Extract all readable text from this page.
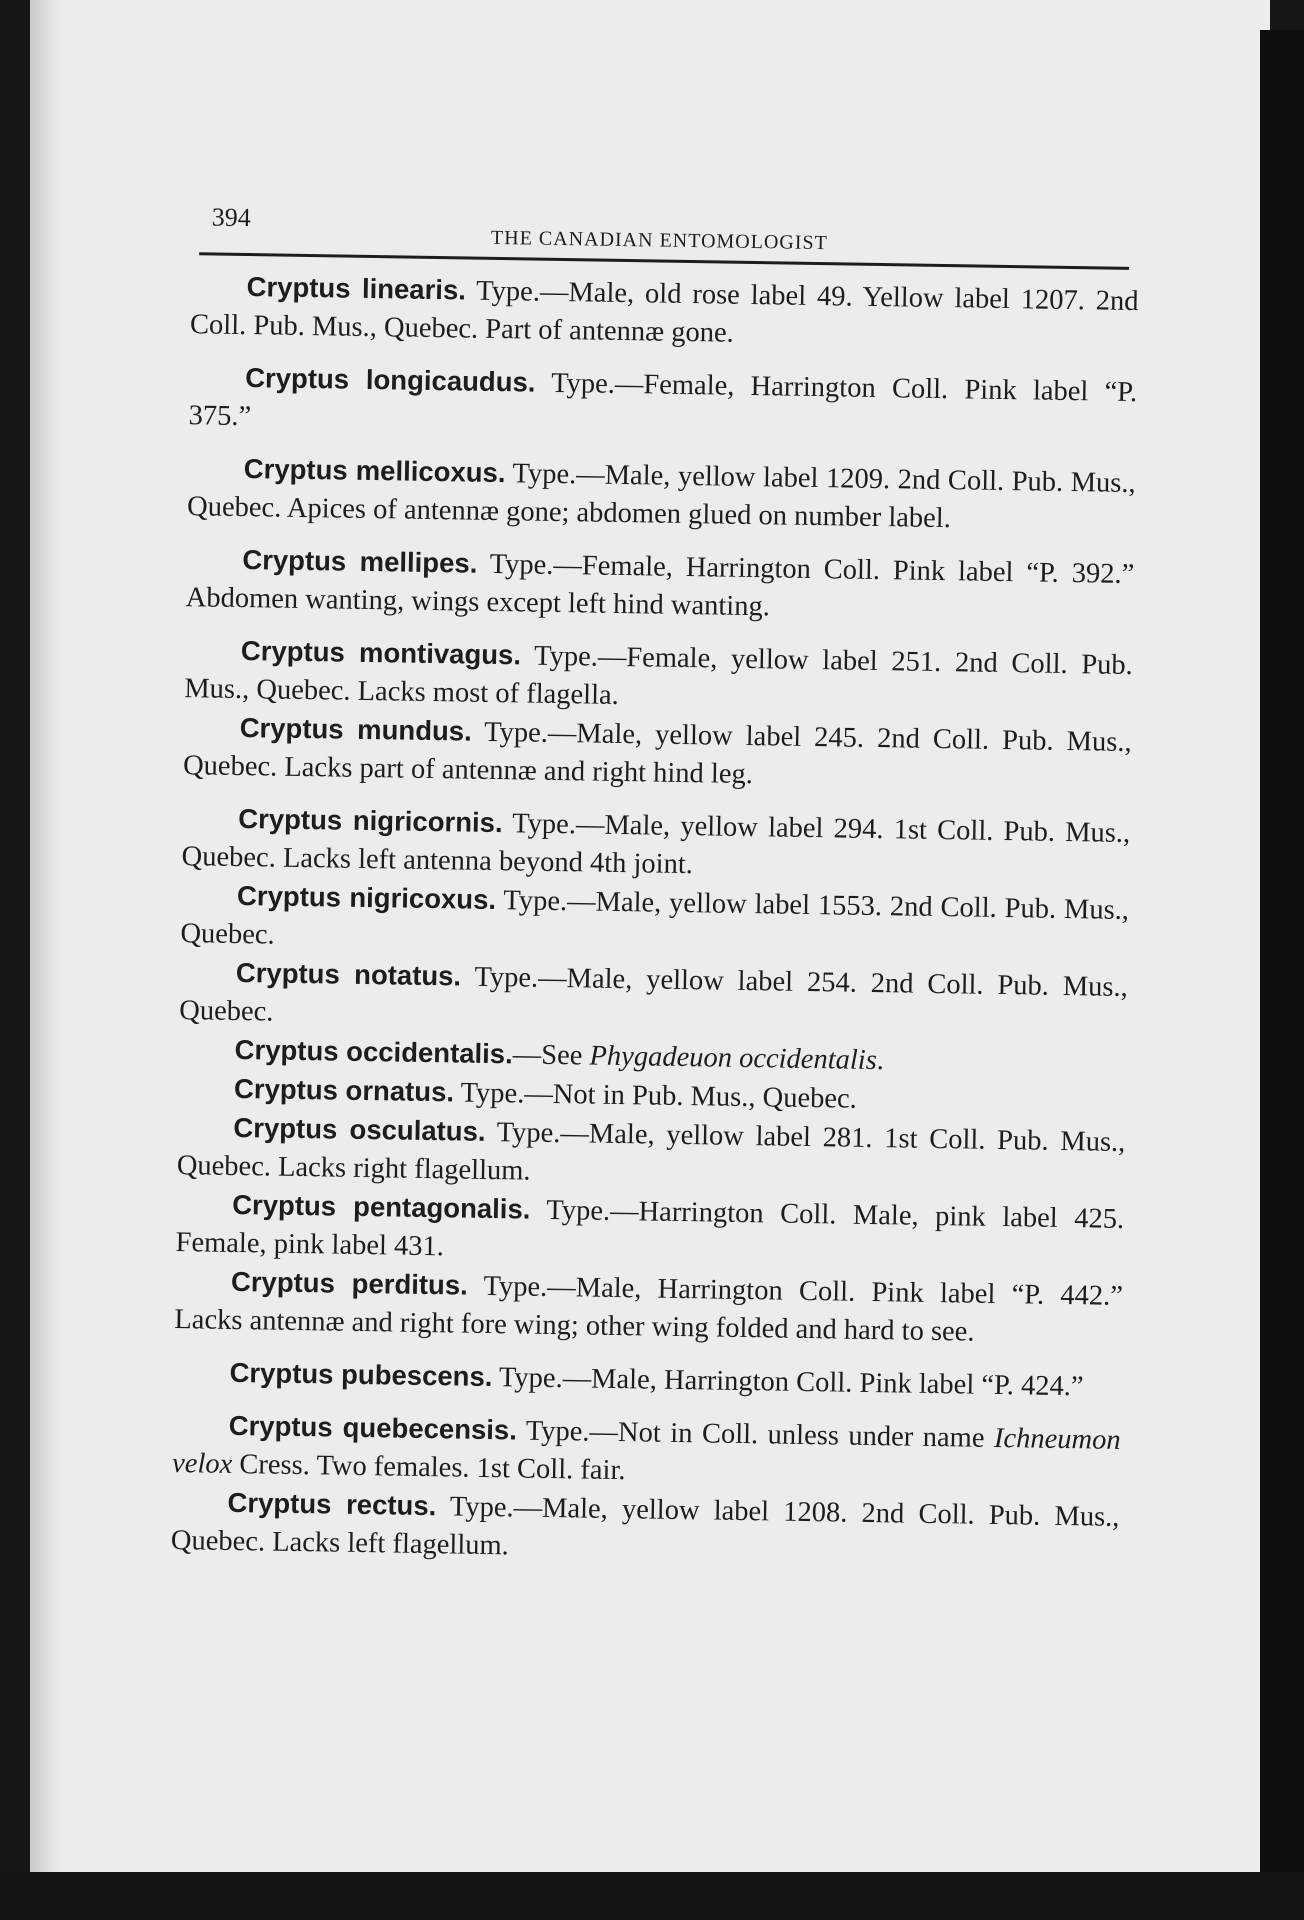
394
THE CANADIAN ENTOMOLOGIST

Cryptus linearis. Type.—Male, old rose label 49. Yellow label 1207. 2nd Coll. Pub. Mus., Quebec. Part of antennæ gone.

Cryptus longicaudus. Type.—Female, Harrington Coll. Pink label “P. 375.”

Cryptus mellicoxus. Type.—Male, yellow label 1209. 2nd Coll. Pub. Mus., Quebec. Apices of antennæ gone; abdomen glued on number label.

Cryptus mellipes. Type.—Female, Harrington Coll. Pink label “P. 392.” Abdomen wanting, wings except left hind wanting.

Cryptus montivagus. Type.—Female, yellow label 251. 2nd Coll. Pub. Mus., Quebec. Lacks most of flagella.

Cryptus mundus. Type.—Male, yellow label 245. 2nd Coll. Pub. Mus., Quebec. Lacks part of antennæ and right hind leg.

Cryptus nigricornis. Type.—Male, yellow label 294. 1st Coll. Pub. Mus., Quebec. Lacks left antenna beyond 4th joint.

Cryptus nigricoxus. Type.—Male, yellow label 1553. 2nd Coll. Pub. Mus., Quebec.

Cryptus notatus. Type.—Male, yellow label 254. 2nd Coll. Pub. Mus., Quebec.

Cryptus occidentalis.—See Phygadeuon occidentalis.

Cryptus ornatus. Type.—Not in Pub. Mus., Quebec.

Cryptus osculatus. Type.—Male, yellow label 281. 1st Coll. Pub. Mus., Quebec. Lacks right flagellum.

Cryptus pentagonalis. Type.—Harrington Coll. Male, pink label 425. Female, pink label 431.

Cryptus perditus. Type.—Male, Harrington Coll. Pink label “P. 442.” Lacks antennæ and right fore wing; other wing folded and hard to see.

Cryptus pubescens. Type.—Male, Harrington Coll. Pink label “P. 424.”

Cryptus quebecensis. Type.—Not in Coll. unless under name Ichneumon velox Cress. Two females. 1st Coll. fair.

Cryptus rectus. Type.—Male, yellow label 1208. 2nd Coll. Pub. Mus., Quebec. Lacks left flagellum.
